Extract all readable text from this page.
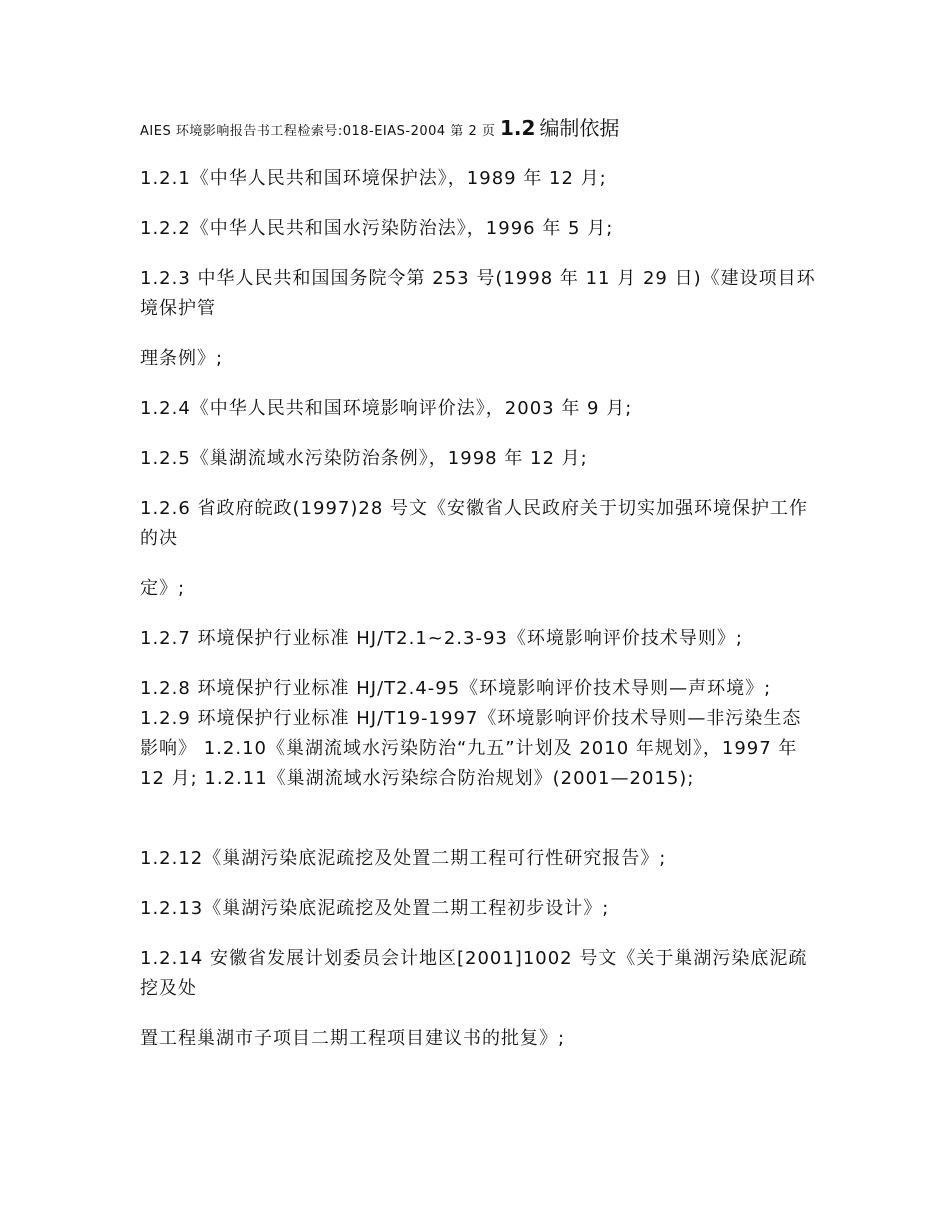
AIES 环境影响报告书工程检索号:018-EIAS-2004 第 2 页 1.2 编制依据
1.2.1《中华人民共和国环境保护法》，1989 年 12 月;
1.2.2《中华人民共和国水污染防治法》，1996 年 5 月;
1.2.3 中华人民共和国国务院令第 253 号(1998 年 11 月 29 日)《建设项目环境保护管
理条例》;
1.2.4《中华人民共和国环境影响评价法》，2003 年 9 月;
1.2.5《巢湖流域水污染防治条例》，1998 年 12 月;
1.2.6 省政府皖政(1997)28 号文《安徽省人民政府关于切实加强环境保护工作的决
定》;
1.2.7 环境保护行业标准 HJ/T2.1~2.3-93《环境影响评价技术导则》;
1.2.8 环境保护行业标准 HJ/T2.4-95《环境影响评价技术导则—声环境》; 1.2.9 环境保护行业标准 HJ/T19-1997《环境影响评价技术导则—非污染生态影响》 1.2.10《巢湖流域水污染防治“九五”计划及 2010 年规划》，1997 年 12 月; 1.2.11《巢湖流域水污染综合防治规划》(2001—2015);
1.2.12《巢湖污染底泥疏挖及处置二期工程可行性研究报告》;
1.2.13《巢湖污染底泥疏挖及处置二期工程初步设计》;
1.2.14 安徽省发展计划委员会计地区[2001]1002 号文《关于巢湖污染底泥疏挖及处
置工程巢湖市子项目二期工程项目建议书的批复》;
